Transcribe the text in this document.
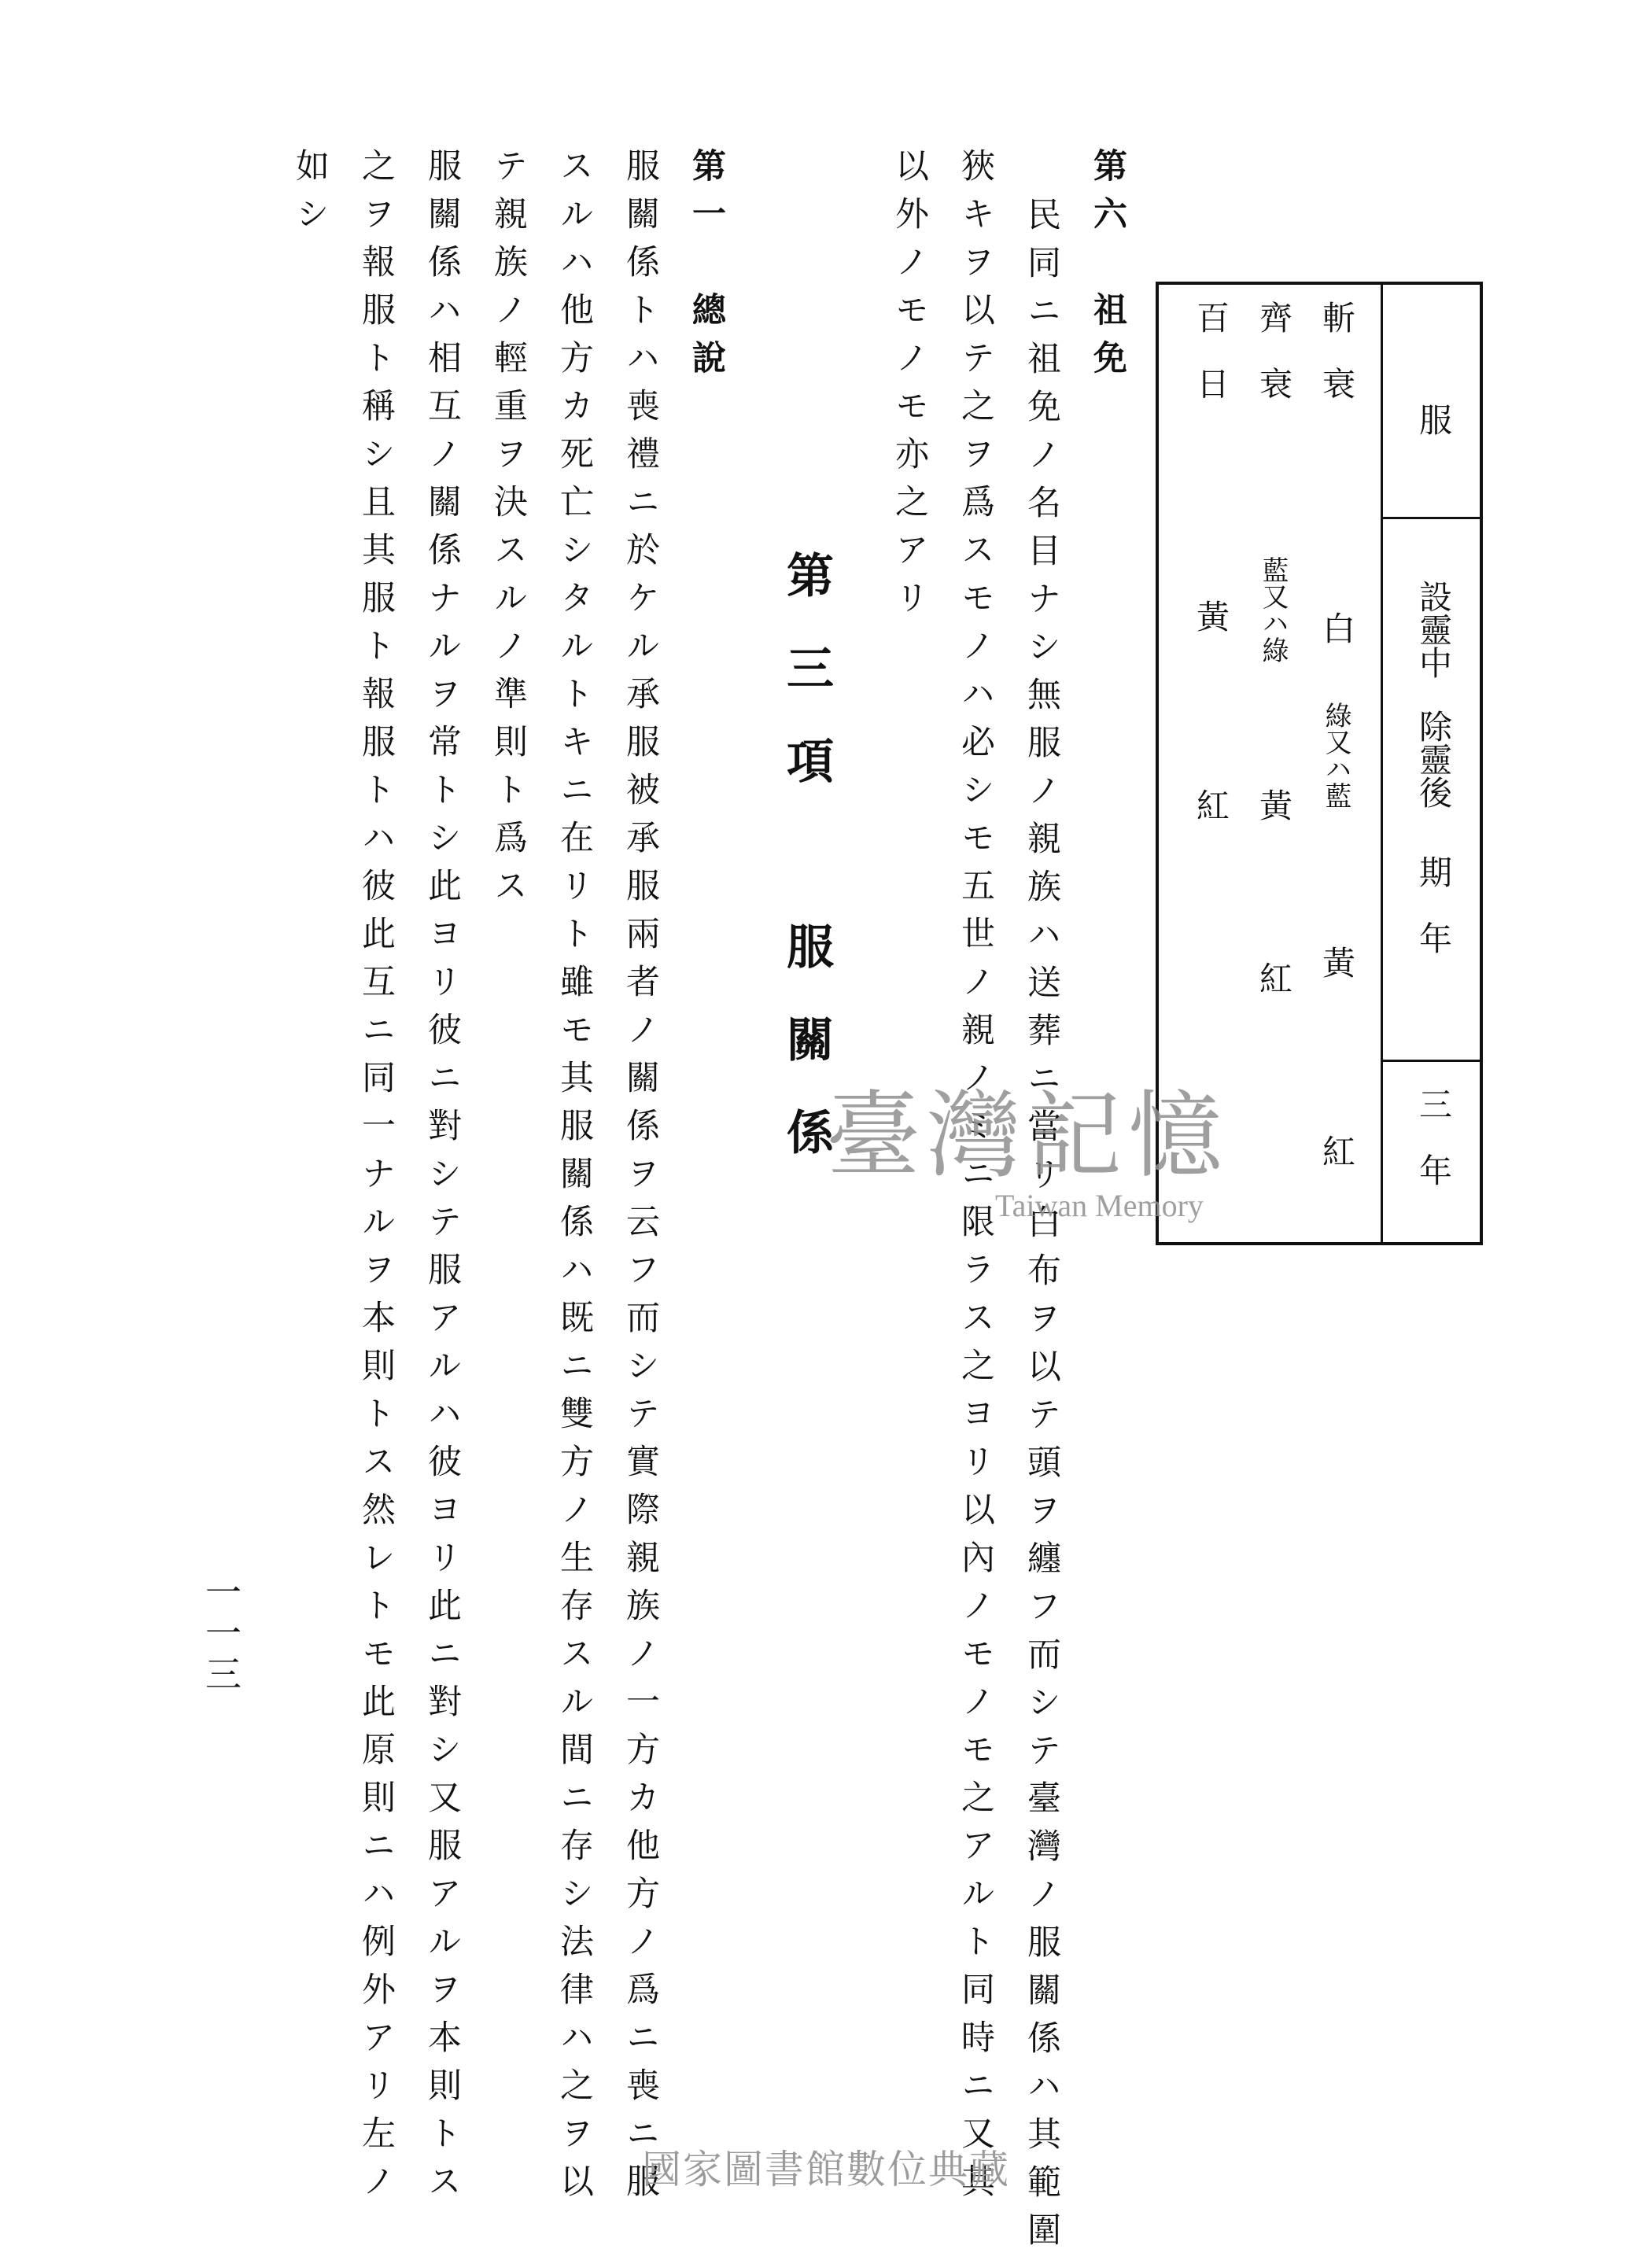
服
設靈中
除靈後
期　年
三　年
斬　衰
白
綠又ハ藍
黃
紅
齊　衰
藍又ハ綠
黃
紅
百　日
黃
紅
第六　祖免
民同ニ祖免ノ名目ナシ無服ノ親族ハ送葬ニ當リ白布ヲ以テ頭ヲ纏フ而シテ臺灣ノ服關係ハ其範圍
狹キヲ以テ之ヲ爲スモノハ必シモ五世ノ親ノミニ限ラス之ヨリ以內ノモノモ之アルト同時ニ又其
以外ノモノモ亦之アリ
第三項　服關係
第一　總說
服關係トハ喪禮ニ於ケル承服被承服兩者ノ關係ヲ云フ而シテ實際親族ノ一方カ他方ノ爲ニ喪ニ服
スルハ他方カ死亡シタルトキニ在リト雖モ其服關係ハ既ニ雙方ノ生存スル間ニ存シ法律ハ之ヲ以
テ親族ノ輕重ヲ決スルノ準則ト爲ス
服關係ハ相互ノ關係ナルヲ常トシ此ヨリ彼ニ對シテ服アルハ彼ヨリ此ニ對シ又服アルヲ本則トス
之ヲ報服ト稱シ且其服ト報服トハ彼此互ニ同一ナルヲ本則トス然レトモ此原則ニハ例外アリ左ノ
如シ
一一三
臺灣記憶
Taiwan Memory
國家圖書館數位典藏
